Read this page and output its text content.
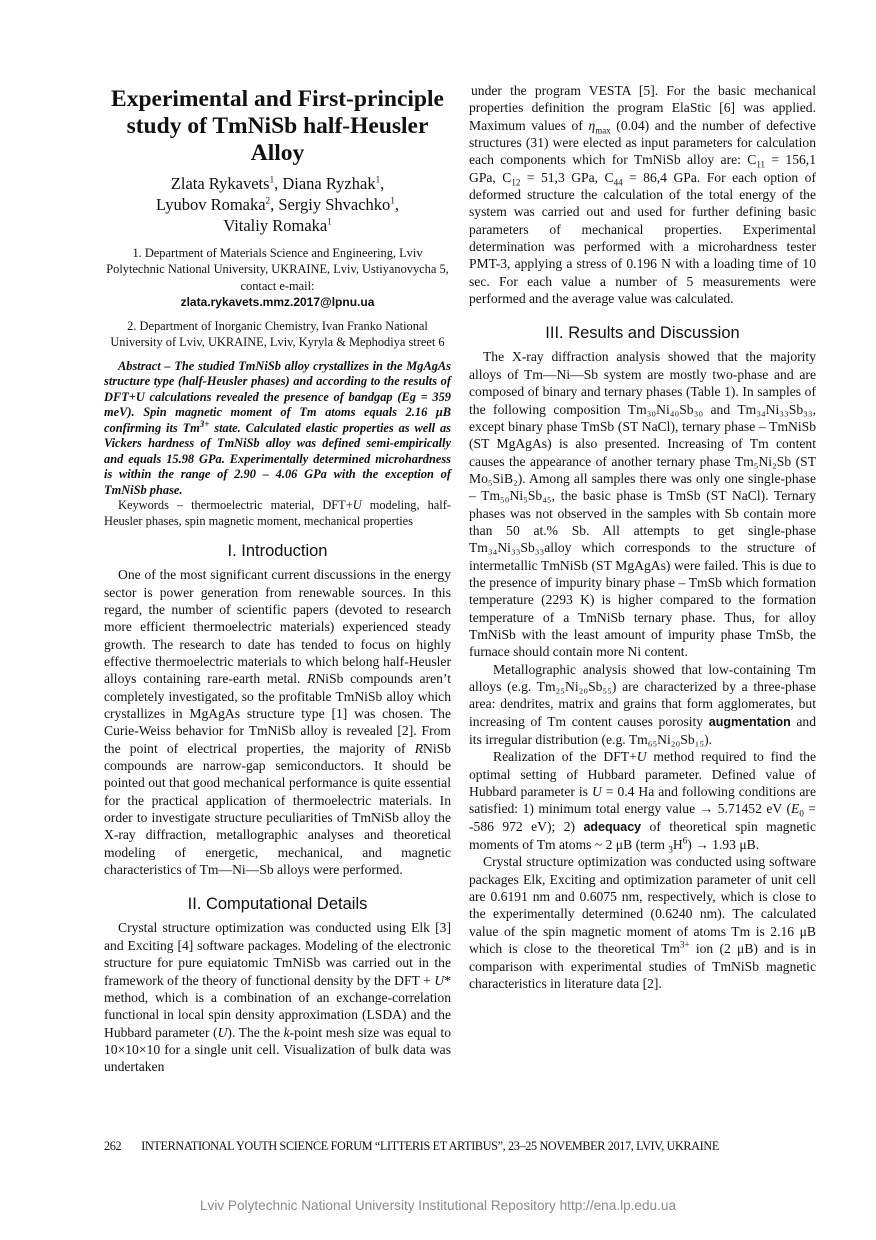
Experimental and First-principle study of TmNiSb half-Heusler Alloy
Zlata Rykavets$^1$, Diana Ryzhak$^1$,
Lyubov Romaka$^2$, Sergiy Shvachko$^1$,
Vitaliy Romaka$^1$
1. Department of Materials Science and Engineering, Lviv Polytechnic National University, UKRAINE, Lviv, Ustiyanovycha 5, contact e-mail:
zlata.rykavets.mmz.2017@lpnu.ua
2. Department of Inorganic Chemistry, Ivan Franko National University of Lviv, UKRAINE, Lviv, Kyryla & Mephodiya street 6

Abstract – The studied TmNiSb alloy crystallizes in the MgAgAs structure type (half-Heusler phases) and according to the results of DFT+U calculations revealed the presence of bandgap (Eg = 359 meV). Spin magnetic moment of Tm atoms equals 2.16 μB confirming its $Tm^{3+}$ state. Calculated elastic properties as well as Vickers hardness of TmNiSb alloy was defined semi-empirically and equals 15.98 GPa. Experimentally determined microhardness is within the range of 2.90 – 4.06 GPa with the exception of TmNiSb phase.

Keywords – thermoelectric material, DFT+U modeling, half-Heusler phases, spin magnetic moment, mechanical properties

I. Introduction

One of the most significant current discussions in the energy sector is power generation from renewable sources. In this regard, the number of scientific papers (devoted to research more efficient thermoelectric materials) experienced steady growth. The research to date has tended to focus on highly effective thermoelectric materials to which belong half-Heusler alloys containing rare-earth metal. RNiSb compounds aren’t completely investigated, so the profitable TmNiSb alloy which crystallizes in MgAgAs structure type [1] was chosen. The Curie-Weiss behavior for TmNiSb alloy is revealed [2]. From the point of electrical properties, the majority of RNiSb compounds are narrow-gap semiconductors. It should be pointed out that good mechanical performance is quite essential for the practical application of thermoelectric materials. In order to investigate structure peculiarities of TmNiSb alloy the X-ray diffraction, metallographic analyses and theoretical modeling of energetic, mechanical, and magnetic characteristics of Tm—Ni—Sb alloys were performed.

II. Computational Details

Crystal structure optimization was conducted using Elk [3] and Exciting [4] software packages. Modeling of the electronic structure for pure equiatomic TmNiSb was carried out in the framework of the theory of functional density by the DFT + U* method, which is a combination of an exchange-correlation functional in local spin density approximation (LSDA) and the Hubbard parameter (U). The the k-point mesh size was equal to 10×10×10 for a single unit cell. Visualization of bulk data was undertaken

under the program VESTA [5]. For the basic mechanical properties definition the program ElaStic [6] was applied. Maximum values of $\eta_{max}$ (0.04) and the number of defective structures (31) were elected as input parameters for calculation each components which for TmNiSb alloy are: $C_{11} = 156,1$ GPa, $C_{12} = 51,3$ GPa, $C_{44} = 86,4$ GPa. For each option of deformed structure the calculation of the total energy of the system was carried out and used for further defining basic parameters of mechanical properties. Experimental determination was performed with a microhardness tester PMT-3, applying a stress of 0.196 N with a loading time of 10 sec. For each value a number of 5 measurements were performed and the average value was calculated.

III. Results and Discussion

The X-ray diffraction analysis showed that the majority alloys of Tm—Ni—Sb system are mostly two-phase and are composed of binary and ternary phases (Table 1). In samples of the following composition Tm₃₀Ni₄₀Sb₃₀ and Tm₃₄Ni₃₃Sb₃₃, except binary phase TmSb (ST NaCl), ternary phase – TmNiSb (ST MgAgAs) is also presented. Increasing of Tm content causes the appearance of another ternary phase Tm₅Ni₂Sb (ST Mo₅SiB₂). Among all samples there was only one single-phase – Tm₅₀Ni₅Sb₄₅, the basic phase is TmSb (ST NaCl). Ternary phases was not observed in the samples with Sb contain more than 50 at.% Sb. All attempts to get single-phase Tm₃₄Ni₃₃Sb₃₃alloy which corresponds to the structure of intermetallic TmNiSb (ST MgAgAs) were failed. This is due to the presence of impurity binary phase – TmSb which formation temperature (2293 K) is higher compared to the formation temperature of a TmNiSb ternary phase. Thus, for alloy TmNiSb with the least amount of impurity phase TmSb, the furnace should contain more Ni content.

Metallographic analysis showed that low-containing Tm alloys (e.g. Tm₂₅Ni₂₀Sb₅₅) are characterized by a three-phase area: dendrites, matrix and grains that form agglomerates, but increasing of Tm content causes porosity augmentation and its irregular distribution (e.g. Tm₆₅Ni₂₀Sb₁₅).

Realization of the DFT+U method required to find the optimal setting of Hubbard parameter. Defined value of Hubbard parameter is U = 0.4 Ha and following conditions are satisfied: 1) minimum total energy value → 5.71452 eV ($E_0 = -586$ 972 eV); 2) adequacy of theoretical spin magnetic moments of Tm atoms ~ 2 μB (term $_3H^6) \to 1.93$ μB.

Crystal structure optimization was conducted using software packages Elk, Exciting and optimization parameter of unit cell are 0.6191 nm and 0.6075 nm, respectively, which is close to the experimentally determined (0.6240 nm). The calculated value of the spin magnetic moment of atoms Tm is 2.16 μB which is close to the theoretical $Tm^{3+}$ ion (2 μB) and is in comparison with experimental studies of TmNiSb magnetic characteristics in literature data [2].

262 INTERNATIONAL YOUTH SCIENCE FORUM “LITTERIS ET ARTIBUS”, 23–25 NOVEMBER 2017, LVIV, UKRAINE
Lviv Polytechnic National University Institutional Repository http://ena.lp.edu.ua
